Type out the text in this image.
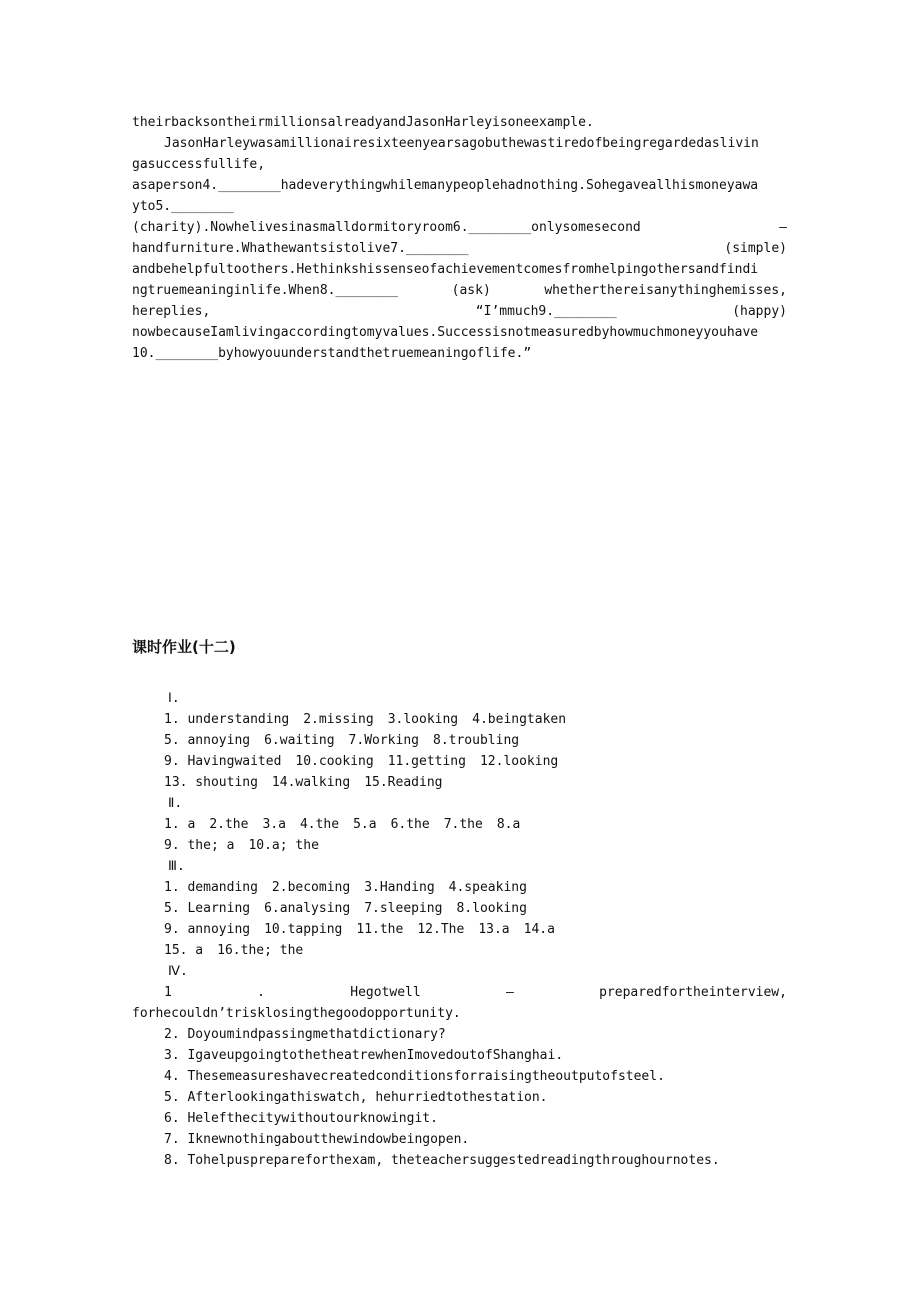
theirbacksontheirmillionsalreadyandJasonHarleyisoneexample.
JasonHarleywasamillionairesixteenyearsagobuthewastiredofbeingregardedaslivin
gasuccessfullife,
asaperson4.________hadeverythingwhilemanypeoplehadnothing.Sohegaveallhismoneyawa
yto5.________
(charity).Nowhelivesinasmalldormitoryroom6.________onlysomesecond	—
handfurniture.Whathewantsistolive7.________	(simple)
andbehelpfultoothers.Hethinkshissenseofachievementcomesfromhelpingothersandfindi
ngtruemeaninginlife.When8.________	(ask)	whetherthereisanythinghemisses,
hereplies,	“I’mmuch9.________	(happy)
nowbecauseIamlivingaccordingtomyvalues.Successisnotmeasuredbyhowmuchmoneyyouhave
10.________byhowyouunderstandthetruemeaningoflife.”
课时作业(十二)
Ⅰ.
1. understanding 2.missing 3.looking 4.beingtaken
5. annoying 6.waiting 7.Working 8.troubling
9. Havingwaited 10.cooking 11.getting 12.looking
13. shouting 14.walking 15.Reading
Ⅱ.
1. a 2.the 3.a 4.the 5.a 6.the 7.the 8.a
9. the; a 10.a; the
Ⅲ.
1. demanding 2.becoming 3.Handing 4.speaking
5. Learning 6.analysing 7.sleeping 8.looking
9. annoying 10.tapping 11.the 12.The 13.a 14.a
15. a 16.the; the
Ⅳ.
1	.	Hegotwell	—	preparedfortheinterview,
forhecouldn’trisklosingthegoodopportunity.
2. Doyoumindpassingmethatdictionary?
3. IgaveupgoingtothetheatrewhenImovedoutofShanghai.
4. Thesemeasureshavecreatedconditionsforraisingtheoutputofsteel.
5. Afterlookingathiswatch, hehurriedtothestation.
6. Helefthecitywithoutourknowingit.
7. Iknewnothingaboutthewindowbeingopen.
8. Tohelpusprepareforthexam, theteachersuggestedreadingthroughournotes.
